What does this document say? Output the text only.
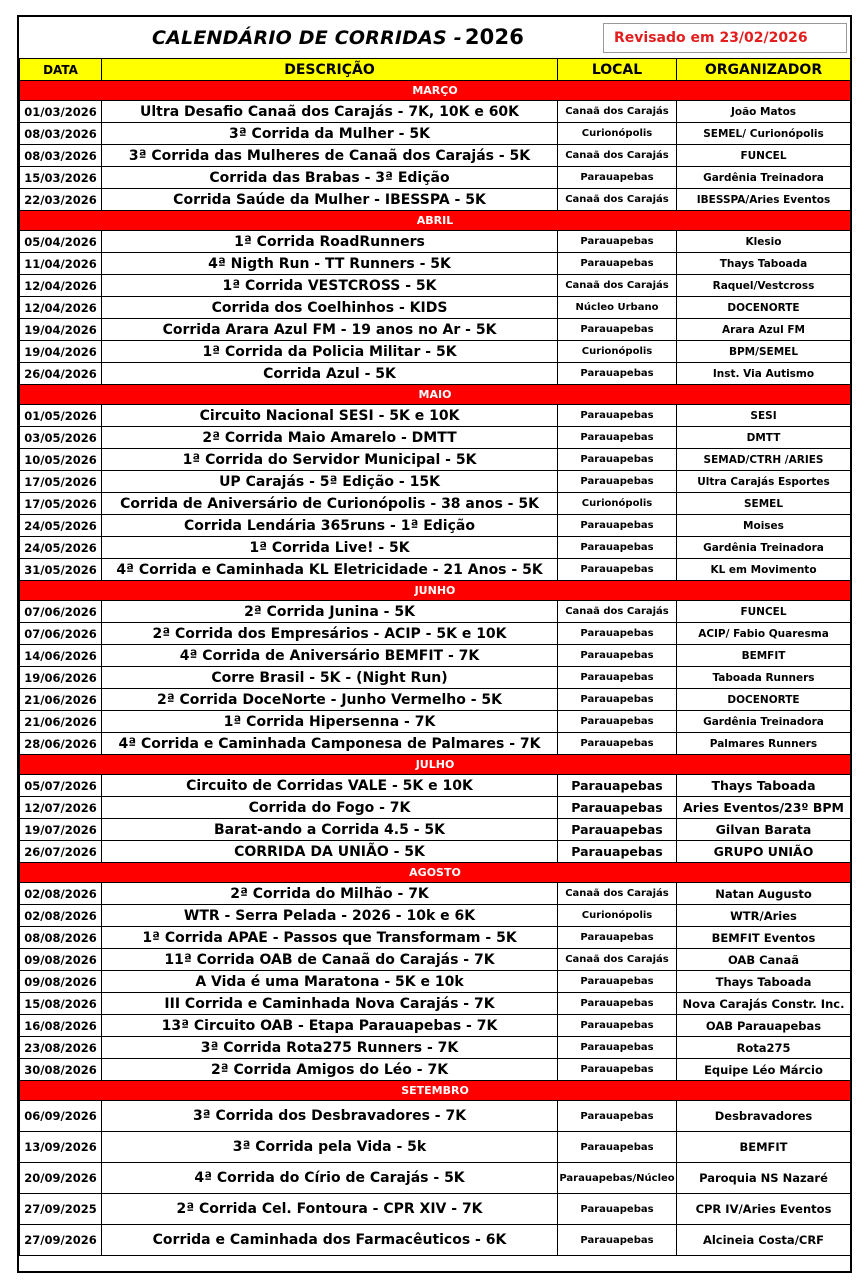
CALENDÁRIO DE CORRIDAS - 2026	Revisado em 23/02/2026
DATA	DESCRIÇÃO	LOCAL	ORGANIZADOR
MARÇO			
01/03/2026	Ultra Desafio Canaã dos Carajás - 7K, 10K e 60K	Canaã dos Carajás	João Matos
08/03/2026	3ª Corrida da Mulher - 5K	Curionópolis	SEMEL/ Curionópolis
08/03/2026	3ª Corrida das Mulheres de Canaã dos Carajás - 5K	Canaã dos Carajás	FUNCEL
15/03/2026	Corrida das Brabas - 3ª Edição	Parauapebas	Gardênia Treinadora
22/03/2026	Corrida Saúde da Mulher - IBESSPA - 5K	Canaã dos Carajás	IBESSPA/Aries Eventos
ABRIL			
05/04/2026	1ª Corrida RoadRunners	Parauapebas	Klesio
11/04/2026	4ª Nigth Run - TT Runners - 5K	Parauapebas	Thays Taboada
12/04/2026	1ª Corrida VESTCROSS - 5K	Canaã dos Carajás	Raquel/Vestcross
12/04/2026	Corrida dos Coelhinhos - KIDS	Núcleo Urbano	DOCENORTE
19/04/2026	Corrida Arara Azul FM - 19 anos no Ar - 5K	Parauapebas	Arara Azul FM
19/04/2026	1ª Corrida da Policia Militar - 5K	Curionópolis	BPM/SEMEL
26/04/2026	Corrida Azul - 5K	Parauapebas	Inst. Via Autismo
MAIO			
01/05/2026	Circuito Nacional SESI - 5K e 10K	Parauapebas	SESI
03/05/2026	2ª Corrida Maio Amarelo - DMTT	Parauapebas	DMTT
10/05/2026	1ª Corrida do Servidor Municipal - 5K	Parauapebas	SEMAD/CTRH /ARIES
17/05/2026	UP Carajás - 5ª Edição - 15K	Parauapebas	Ultra Carajás Esportes
17/05/2026	Corrida de Aniversário de Curionópolis - 38 anos - 5K	Curionópolis	SEMEL
24/05/2026	Corrida Lendária 365runs - 1ª Edição	Parauapebas	Moises
24/05/2026	1ª Corrida Live! - 5K	Parauapebas	Gardênia Treinadora
31/05/2026	4ª Corrida e Caminhada KL Eletricidade - 21 Anos - 5K	Parauapebas	KL em Movimento
JUNHO			
07/06/2026	2ª Corrida Junina - 5K	Canaã dos Carajás	FUNCEL
07/06/2026	2ª Corrida dos Empresários - ACIP - 5K e 10K	Parauapebas	ACIP/ Fabio Quaresma
14/06/2026	4ª Corrida de Aniversário BEMFIT - 7K	Parauapebas	BEMFIT
19/06/2026	Corre Brasil - 5K - (Night Run)	Parauapebas	Taboada Runners
21/06/2026	2ª Corrida DoceNorte - Junho Vermelho - 5K	Parauapebas	DOCENORTE
21/06/2026	1ª Corrida Hipersenna - 7K	Parauapebas	Gardênia Treinadora
28/06/2026	4ª Corrida e Caminhada Camponesa de Palmares - 7K	Parauapebas	Palmares Runners
JULHO			
05/07/2026	Circuito de Corridas VALE - 5K e 10K	Parauapebas	Thays Taboada
12/07/2026	Corrida do Fogo - 7K	Parauapebas	Aries Eventos/23º BPM
19/07/2026	Barat-ando a Corrida 4.5 - 5K	Parauapebas	Gilvan Barata
26/07/2026	CORRIDA DA UNIÃO - 5K	Parauapebas	GRUPO UNIÃO
AGOSTO			
02/08/2026	2ª Corrida do Milhão - 7K	Canaã dos Carajás	Natan Augusto
02/08/2026	WTR - Serra Pelada - 2026 - 10k e 6K	Curionópolis	WTR/Aries
08/08/2026	1ª Corrida APAE - Passos que Transformam - 5K	Parauapebas	BEMFIT Eventos
09/08/2026	11ª Corrida OAB de Canaã do Carajás - 7K	Canaã dos Carajás	OAB Canaã
09/08/2026	A Vida é uma Maratona - 5K e 10k	Parauapebas	Thays Taboada
15/08/2026	III Corrida e Caminhada Nova Carajás - 7K	Parauapebas	Nova Carajás Constr. Inc.
16/08/2026	13ª Circuito OAB - Etapa Parauapebas - 7K	Parauapebas	OAB Parauapebas
23/08/2026	3ª Corrida Rota275 Runners - 7K	Parauapebas	Rota275
30/08/2026	2ª Corrida Amigos do Léo - 7K	Parauapebas	Equipe Léo Márcio
SETEMBRO			
06/09/2026	3ª Corrida dos Desbravadores - 7K	Parauapebas	Desbravadores
13/09/2026	3ª Corrida pela Vida - 5k	Parauapebas	BEMFIT
20/09/2026	4ª Corrida do Círio de Carajás - 5K	Parauapebas/Núcleo	Paroquia NS Nazaré
27/09/2025	2ª Corrida Cel. Fontoura - CPR XIV - 7K	Parauapebas	CPR IV/Aries Eventos
27/09/2026	Corrida e Caminhada dos Farmacêuticos - 6K	Parauapebas	Alcineia Costa/CRF
